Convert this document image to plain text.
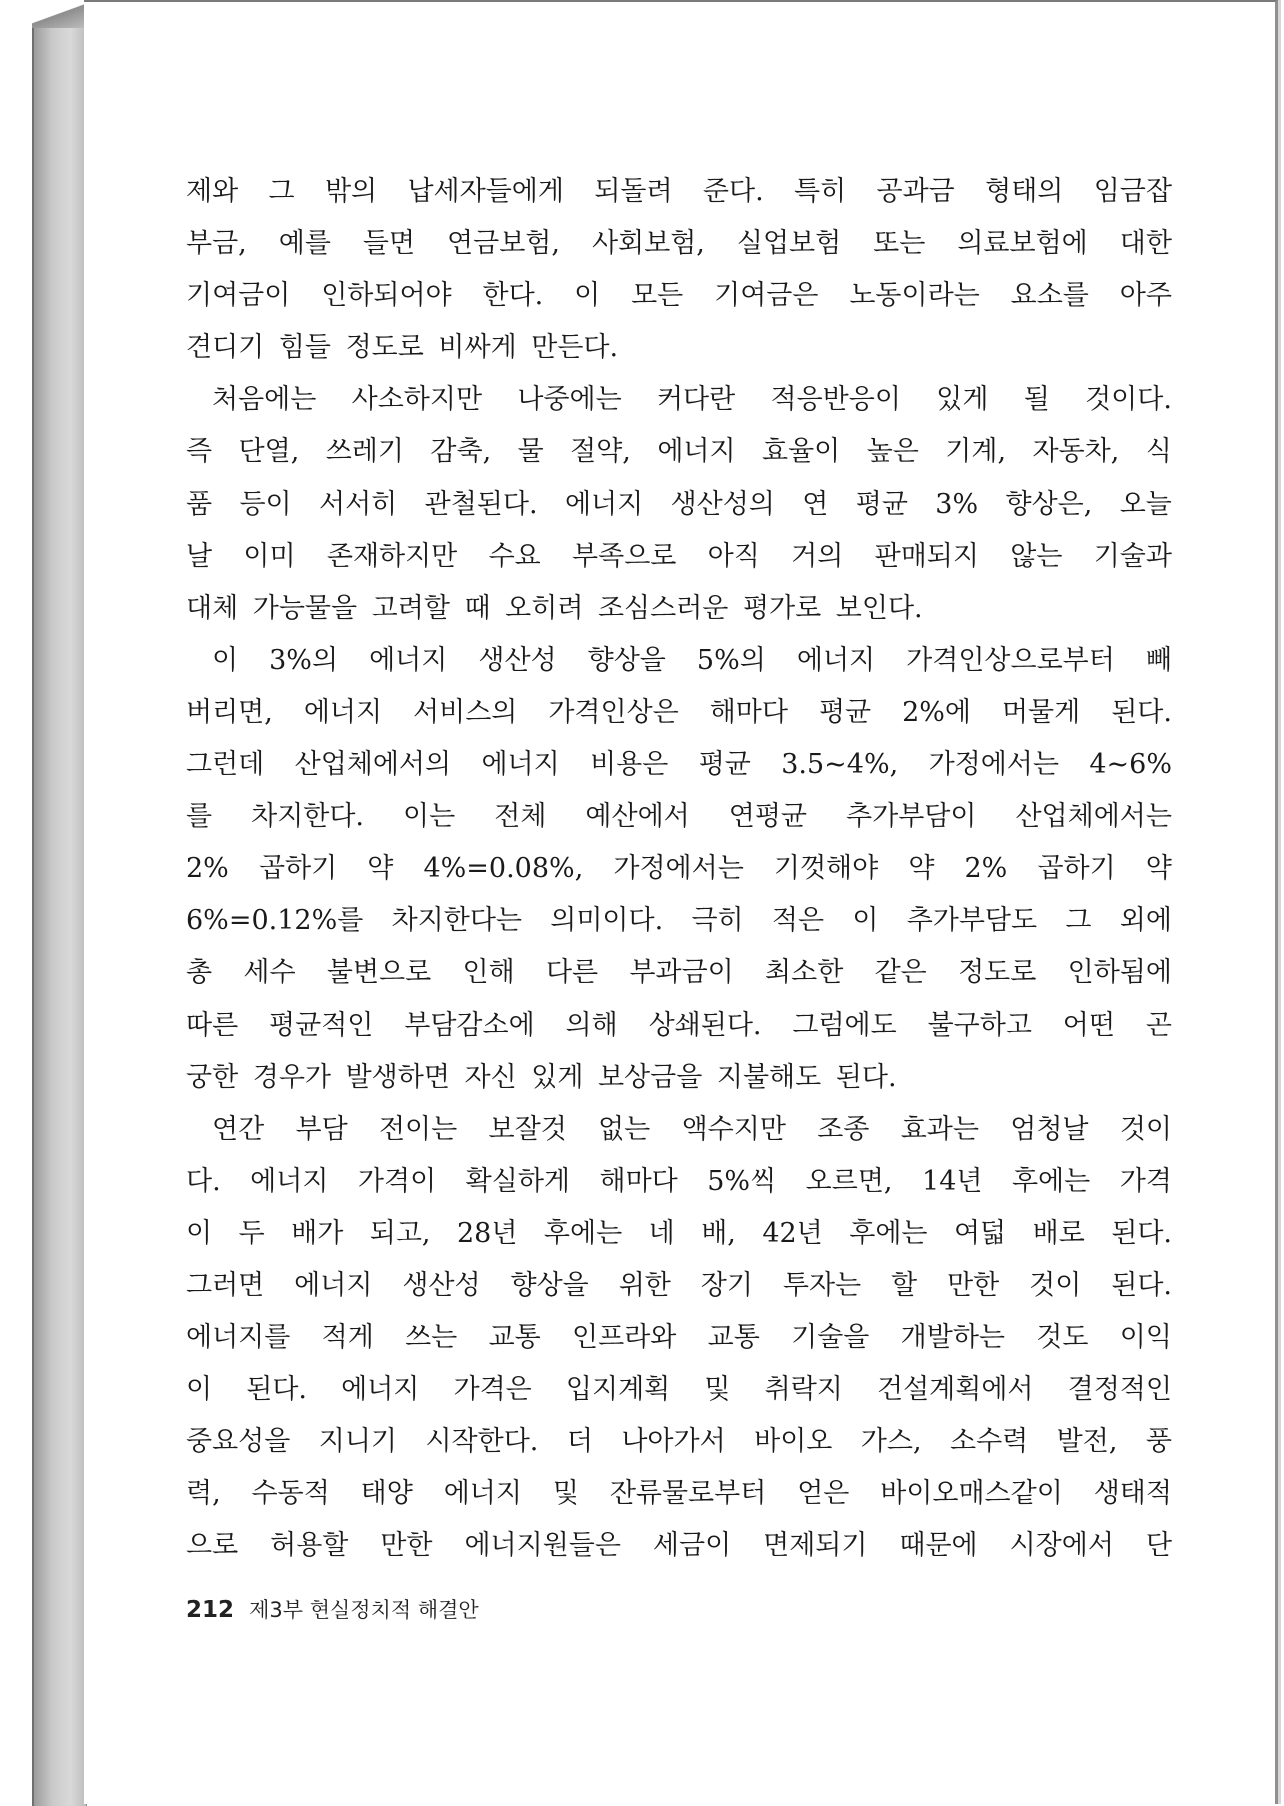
제와 그 밖의 납세자들에게 되돌려 준다. 특히 공과금 형태의 임금잡
부금, 예를 들면 연금보험, 사회보험, 실업보험 또는 의료보험에 대한
기여금이 인하되어야 한다. 이 모든 기여금은 노동이라는 요소를 아주
견디기 힘들 정도로 비싸게 만든다.
처음에는 사소하지만 나중에는 커다란 적응반응이 있게 될 것이다.
즉 단열, 쓰레기 감축, 물 절약, 에너지 효율이 높은 기계, 자동차, 식
품 등이 서서히 관철된다. 에너지 생산성의 연 평균 3% 향상은, 오늘
날 이미 존재하지만 수요 부족으로 아직 거의 판매되지 않는 기술과
대체 가능물을 고려할 때 오히려 조심스러운 평가로 보인다.
이 3%의 에너지 생산성 향상을 5%의 에너지 가격인상으로부터 빼
버리면, 에너지 서비스의 가격인상은 해마다 평균 2%에 머물게 된다.
그런데 산업체에서의 에너지 비용은 평균 3.5~4%, 가정에서는 4~6%
를 차지한다. 이는 전체 예산에서 연평균 추가부담이 산업체에서는
2% 곱하기 약 4%=0.08%, 가정에서는 기껏해야 약 2% 곱하기 약
6%=0.12%를 차지한다는 의미이다. 극히 적은 이 추가부담도 그 외에
총 세수 불변으로 인해 다른 부과금이 최소한 같은 정도로 인하됨에
따른 평균적인 부담감소에 의해 상쇄된다. 그럼에도 불구하고 어떤 곤
궁한 경우가 발생하면 자신 있게 보상금을 지불해도 된다.
연간 부담 전이는 보잘것 없는 액수지만 조종 효과는 엄청날 것이
다. 에너지 가격이 확실하게 해마다 5%씩 오르면, 14년 후에는 가격
이 두 배가 되고, 28년 후에는 네 배, 42년 후에는 여덟 배로 된다.
그러면 에너지 생산성 향상을 위한 장기 투자는 할 만한 것이 된다.
에너지를 적게 쓰는 교통 인프라와 교통 기술을 개발하는 것도 이익
이 된다. 에너지 가격은 입지계획 및 취락지 건설계획에서 결정적인
중요성을 지니기 시작한다. 더 나아가서 바이오 가스, 소수력 발전, 풍
력, 수동적 태양 에너지 및 잔류물로부터 얻은 바이오매스같이 생태적
으로 허용할 만한 에너지원들은 세금이 면제되기 때문에 시장에서 단
212 제3부 현실정치적 해결안
